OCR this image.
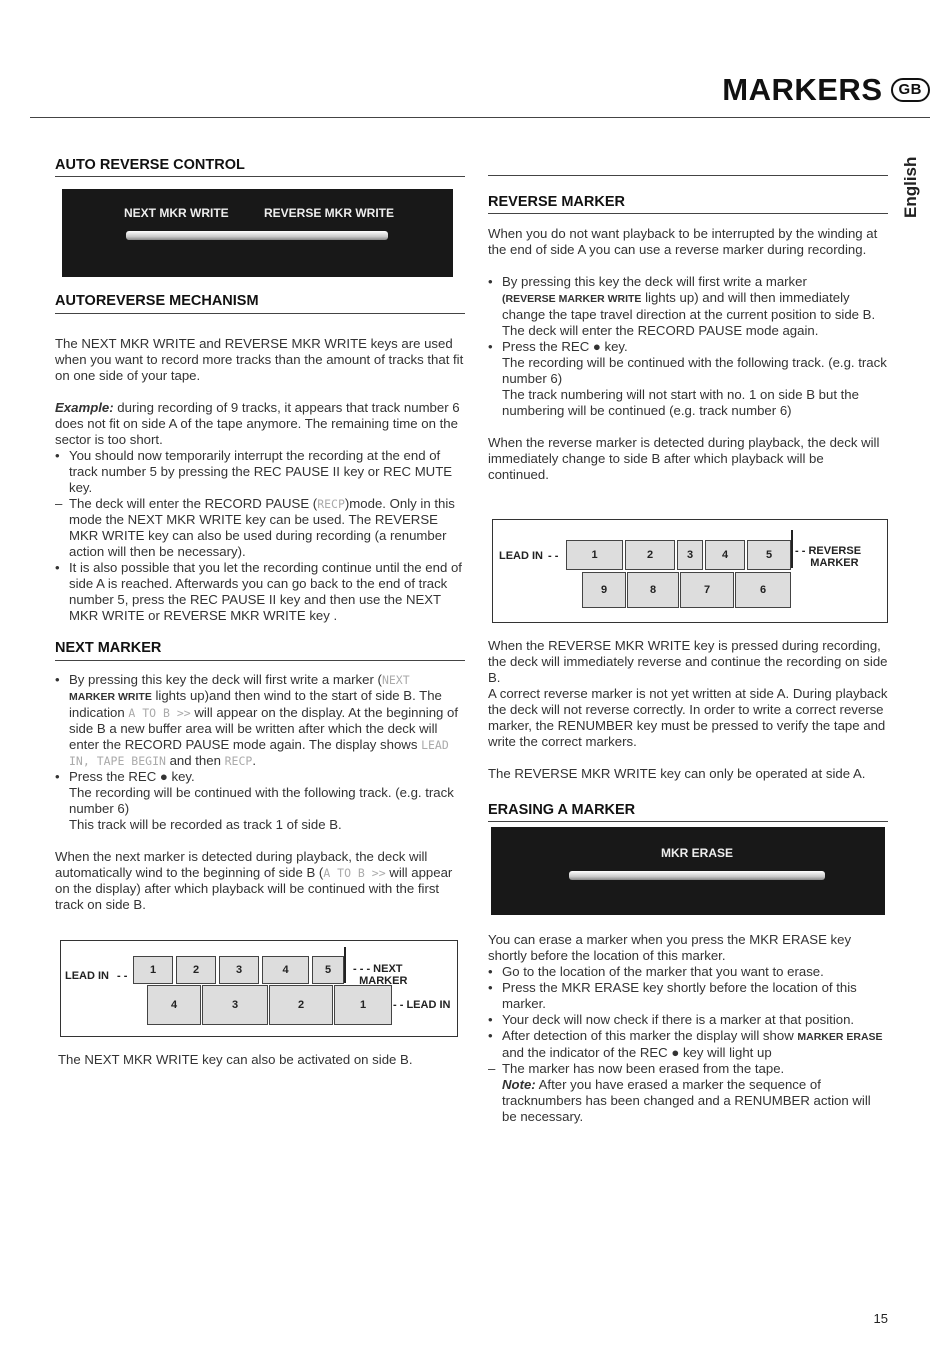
MARKERS	GB
English
AUTO REVERSE CONTROL
NEXT MKR WRITE	REVERSE MKR WRITE
AUTOREVERSE MECHANISM

The NEXT MKR WRITE and REVERSE MKR WRITE keys are used when you want to record more tracks than the amount of tracks that fit on one side of your tape.

Example: during recording of 9 tracks, it appears that track number 6 does not fit on side A of the tape anymore. The remaining time on the sector is too short.

• You should now temporarily interrupt the recording at the end of track number 5 by pressing the REC PAUSE II key or REC MUTE key.
– The deck will enter the RECORD PAUSE (RECP)mode. Only in this mode the NEXT MKR WRITE key can be used. The REVERSE MKR WRITE key can also be used during recording (a renumber action will then be necessary).
• It is also possible that you let the recording continue until the end of side A is reached. Afterwards you can go back to the end of track number 5, press the REC PAUSE II key and then use the NEXT MKR WRITE or REVERSE MKR WRITE key .
NEXT MARKER
• By pressing this key the deck will first write a marker (NEXT
MARKER WRITE lights up)and then wind to the start of side B. The indication A TO B >> will appear on the display. At the beginning of side B a new buffer area will be written after which the deck will enter the RECORD PAUSE mode again. The display shows LEAD IN, TAPE BEGIN and then RECP.
• Press the REC ● key.
The recording will be continued with the following track. (e.g. track number 6)
This track will be recorded as track 1 of side B.

When the next marker is detected during playback, the deck will automatically wind to the beginning of side B (A TO B >> will appear on the display) after which playback will be continued with the first track on side B.

LEAD IN - -	1	2	3	4	5
4	3	2	1
- - - NEXT
MARKER
- - LEAD IN

The NEXT MKR WRITE key can also be activated on side B.

REVERSE MARKER

When you do not want playback to be interrupted by the winding at the end of side A you can use a reverse marker during recording.

• By pressing this key the deck will first write a marker
(REVERSE MARKER WRITE lights up) and will then immediately change the tape travel direction at the current position to side B. The deck will enter the RECORD PAUSE mode again.
• Press the REC ● key.
The recording will be continued with the following track. (e.g. track number 6)
The track numbering will not start with no. 1 on side B but the numbering will be continued (e.g. track number 6)

When the reverse marker is detected during playback, the deck will immediately change to side B after which playback will be continued.

LEAD IN - -	1	2	3	4	5
9	8	7	6
- - REVERSE
MARKER

When the REVERSE MKR WRITE key is pressed during recording, the deck will immediately reverse and continue the recording on side B.

A correct reverse marker is not yet written at side A. During playback the deck will not reverse correctly. In order to write a correct reverse marker, the RENUMBER key must be pressed to verify the tape and write the correct markers.

The REVERSE MKR WRITE key can only be operated at side A.

ERASING A MARKER
MKR ERASE

You can erase a marker when you press the MKR ERASE key shortly before the location of this marker.

• Go to the location of the marker that you want to erase.
• Press the MKR ERASE key shortly before the location of this marker.
• Your deck will now check if there is a marker at that position.
• After detection of this marker the display will show MARKER ERASE and the indicator of the REC ● key will light up
– The marker has now been erased from the tape.
Note: After you have erased a marker the sequence of tracknumbers has been changed and a RENUMBER action will be necessary.
15
